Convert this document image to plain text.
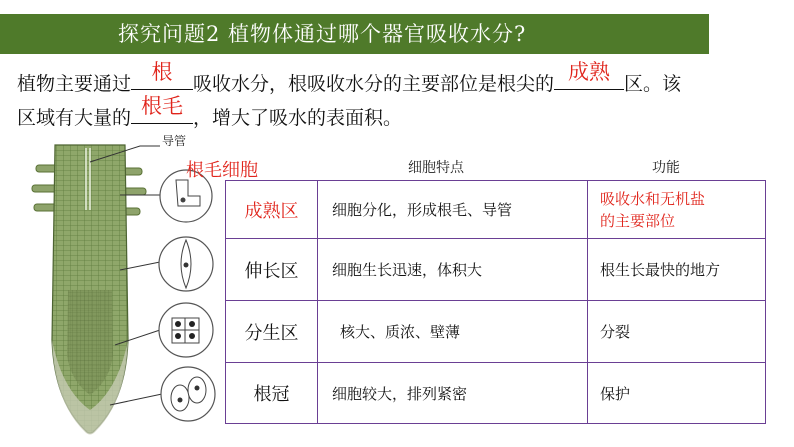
探究问题2 植物体通过哪个器官吸收水分?
植物主要通过 根	吸收水分，根吸收水分的主要部位是根尖的 成熟 区。该
区域有大量的 根毛 ，增大了吸水的表面积。
导管
根毛细胞	细胞特点	功能
成熟区	细胞分化，形成根毛、导管	吸收水和无机盐
的主要部位
伸长区	细胞生长迅速，体积大	根生长最快的地方
分生区	核大、质浓、壁薄	分裂
根冠	细胞较大，排列紧密	保护
